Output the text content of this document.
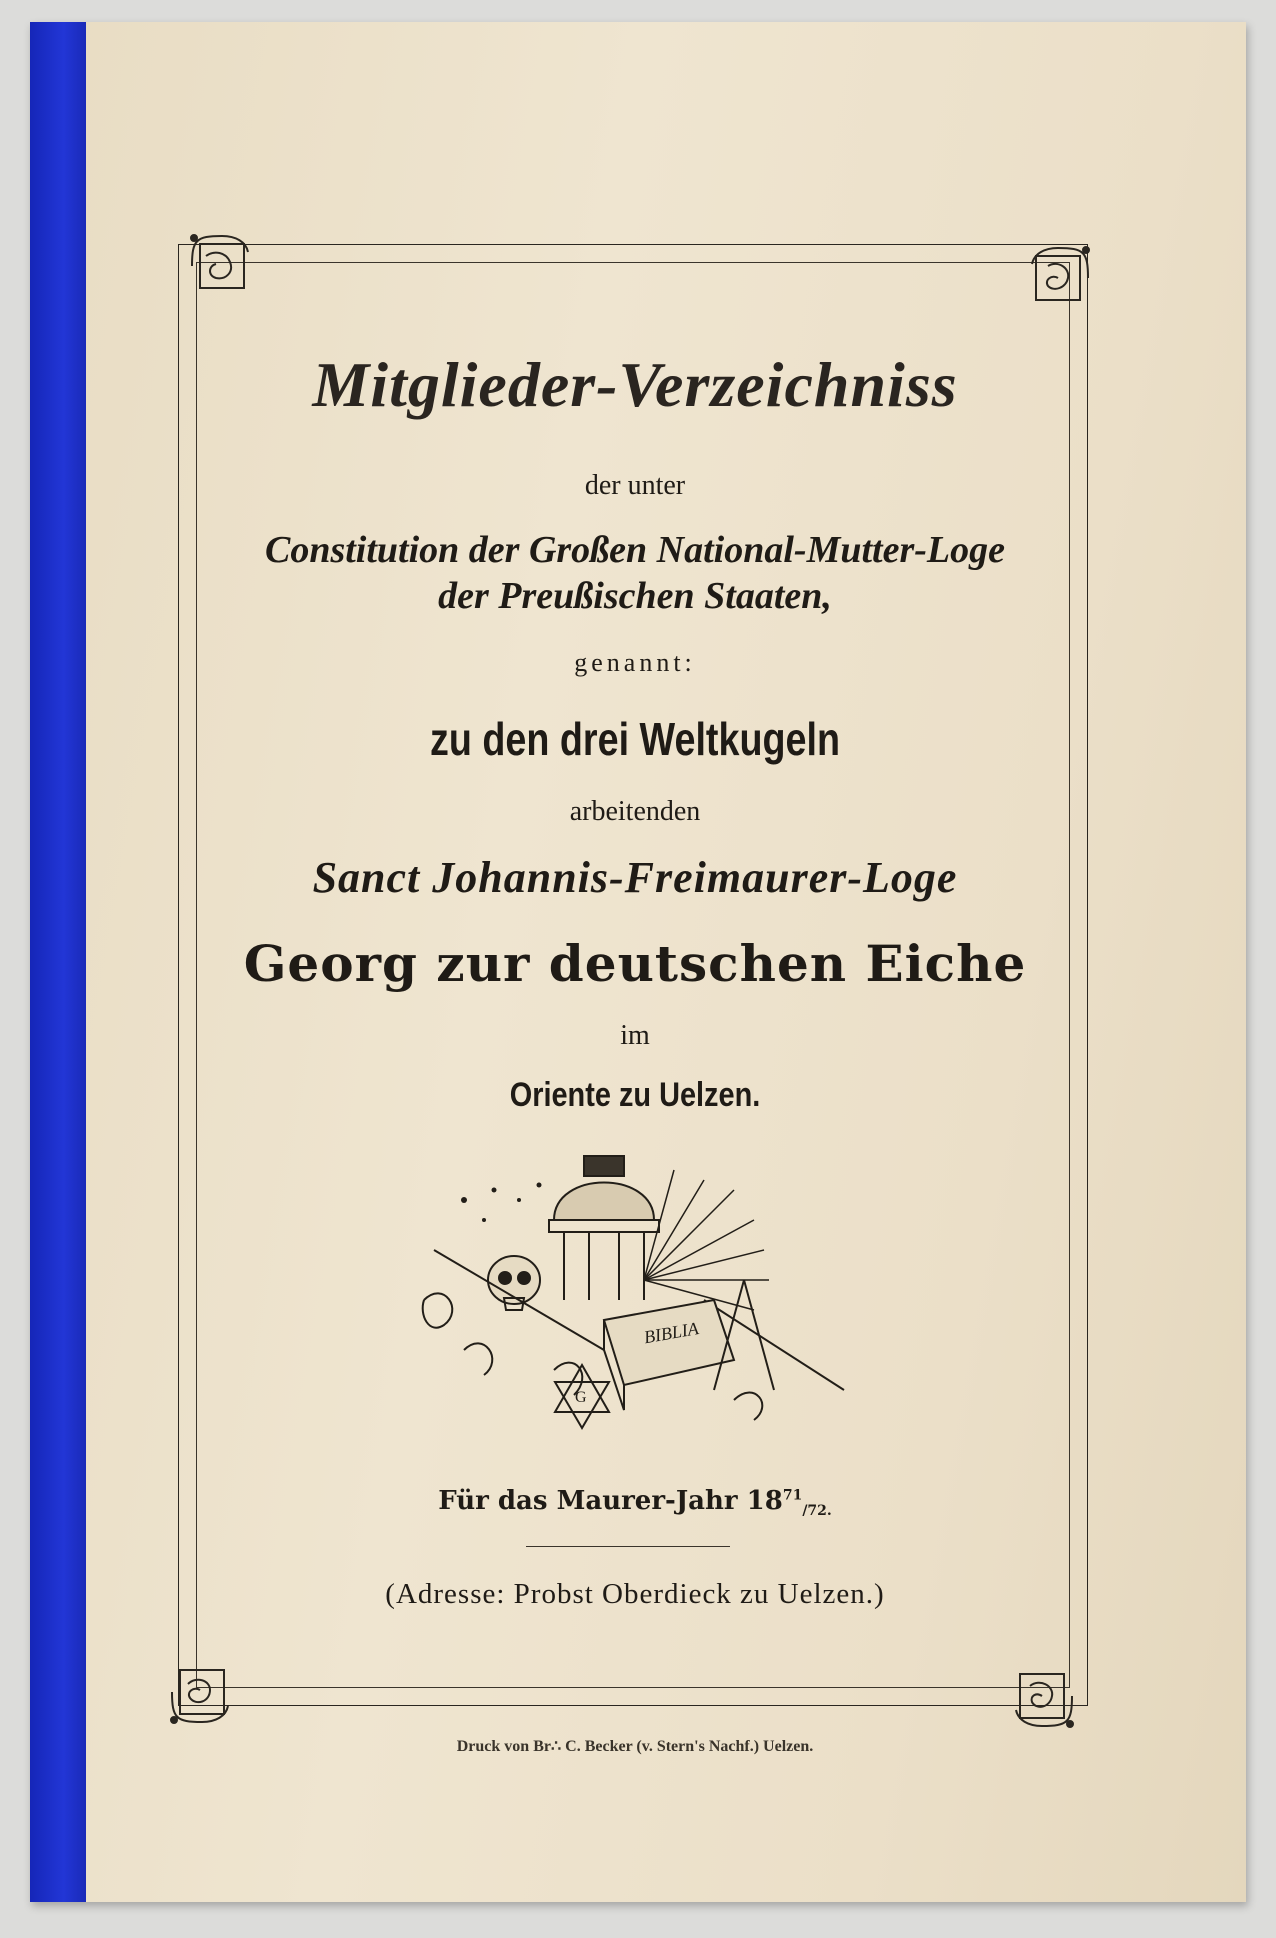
Mitglieder-Verzeichniss
der unter
Constitution der Großen National-Mutter-Loge
der Preußischen Staaten,
genannt:
zu den drei Weltkugeln
arbeitenden
Sanct Johannis-Freimaurer-Loge
Georg zur deutschen Eiche
im
Oriente zu Uelzen.
BIBLIA
G
Für das Maurer-Jahr $18^{71}_{/72.}$
(Adresse: Probst Oberdieck zu Uelzen.)
Druck von Br∴ C. Becker (v. Stern's Nachf.) Uelzen.
